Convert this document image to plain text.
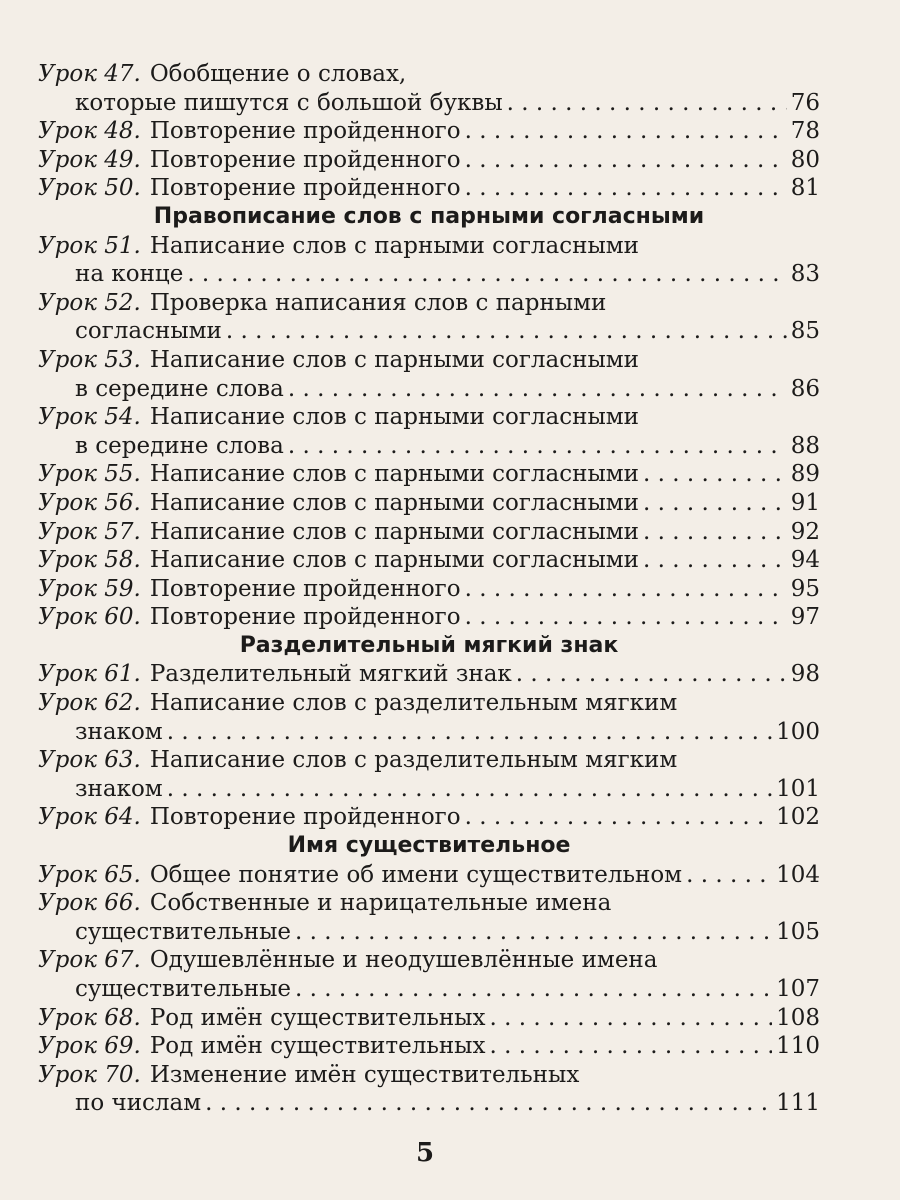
Урок 47. Обобщение о словах,
которые пишутся с большой буквы . . .	76
Урок 48. Повторение пройденного . . .	78
Урок 49. Повторение пройденного . . .	80
Урок 50. Повторение пройденного . . .	81
Правописание слов с парными согласными
Урок 51. Написание слов с парными согласными
на конце . . .	83
Урок 52. Проверка написания слов с парными
согласными . . .	85
Урок 53. Написание слов с парными согласными
в середине слова . . .	86
Урок 54. Написание слов с парными согласными
в середине слова . . .	88
Урок 55. Написание слов с парными согласными . . .	89
Урок 56. Написание слов с парными согласными . . .	91
Урок 57. Написание слов с парными согласными . . .	92
Урок 58. Написание слов с парными согласными . . .	94
Урок 59. Повторение пройденного . . .	95
Урок 60. Повторение пройденного . . .	97
Разделительный мягкий знак
Урок 61. Разделительный мягкий знак . . .	98
Урок 62. Написание слов с разделительным мягким
знаком . . .	100
Урок 63. Написание слов с разделительным мягким
знаком . . .	101
Урок 64. Повторение пройденного . . .	102
Имя существительное
Урок 65. Общее понятие об имени существительном . . .	104
Урок 66. Собственные и нарицательные имена
существительные . . .	105
Урок 67. Одушевлённые и неодушевлённые имена
существительные . . .	107
Урок 68. Род имён существительных . . .	108
Урок 69. Род имён существительных . . .	110
Урок 70. Изменение имён существительных
по числам . . .	111
5
